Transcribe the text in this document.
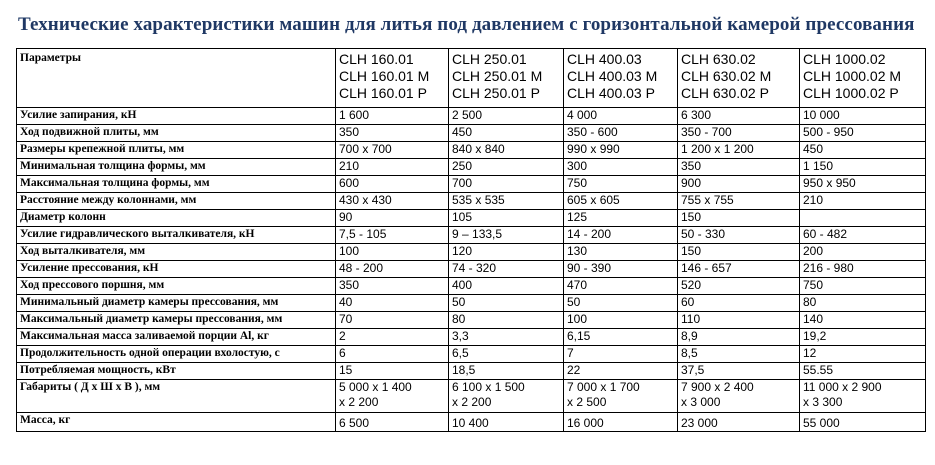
Технические характеристики машин для литья под давлением с горизонтальной камерой прессования
Параметры	CLH 160.01
CLH 160.01 M
CLH 160.01 P	CLH 250.01
CLH 250.01 M
CLH 250.01 P	CLH 400.03
CLH 400.03 M
CLH 400.03 P	CLH 630.02
CLH 630.02 M
CLH 630.02 P	CLH 1000.02
CLH 1000.02 M
CLH 1000.02 P

Усилие запирания, кН	1 600	2 500	4 000	6 300	10 000
Ход подвижной плиты, мм	350	450	350 - 600	350 - 700	500 - 950
Размеры крепежной плиты, мм	700 x 700	840 x 840	990 x 990	1 200 x 1 200	450
Минимальная толщина формы, мм	210	250	300	350	1 150
Максимальная толщина формы, мм	600	700	750	900	950 x 950
Расстояние между колоннами, мм	430 x 430	535 x 535	605 x 605	755 x 755	210
Диаметр колонн	90	105	125	150	
Усилие гидравлического выталкивателя, кН	7,5 - 105	9 – 133,5	14 - 200	50 - 330	60 - 482
Ход выталкивателя, мм	100	120	130	150	200
Усиление прессования, кН	48 - 200	74 - 320	90 - 390	146 - 657	216 - 980
Ход прессового поршня, мм	350	400	470	520	750
Минимальный диаметр камеры прессования, мм	40	50	50	60	80
Максимальный диаметр камеры прессования, мм	70	80	100	110	140
Максимальная масса заливаемой порции Al, кг	2	3,3	6,15	8,9	19,2
Продолжительность одной операции вхолостую, с	6	6,5	7	8,5	12
Потребляемая мощность, кВт	15	18,5	22	37,5	55.55
Габариты ( Д х Ш х В ), мм	5 000 x 1 400
x 2 200	6 100 x 1 500
x 2 200	7 000 x 1 700
x 2 500	7 900 x 2 400
x 3 000	11 000 x 2 900
x 3 300

Масса, кг	6 500	10 400	16 000	23 000	55 000
